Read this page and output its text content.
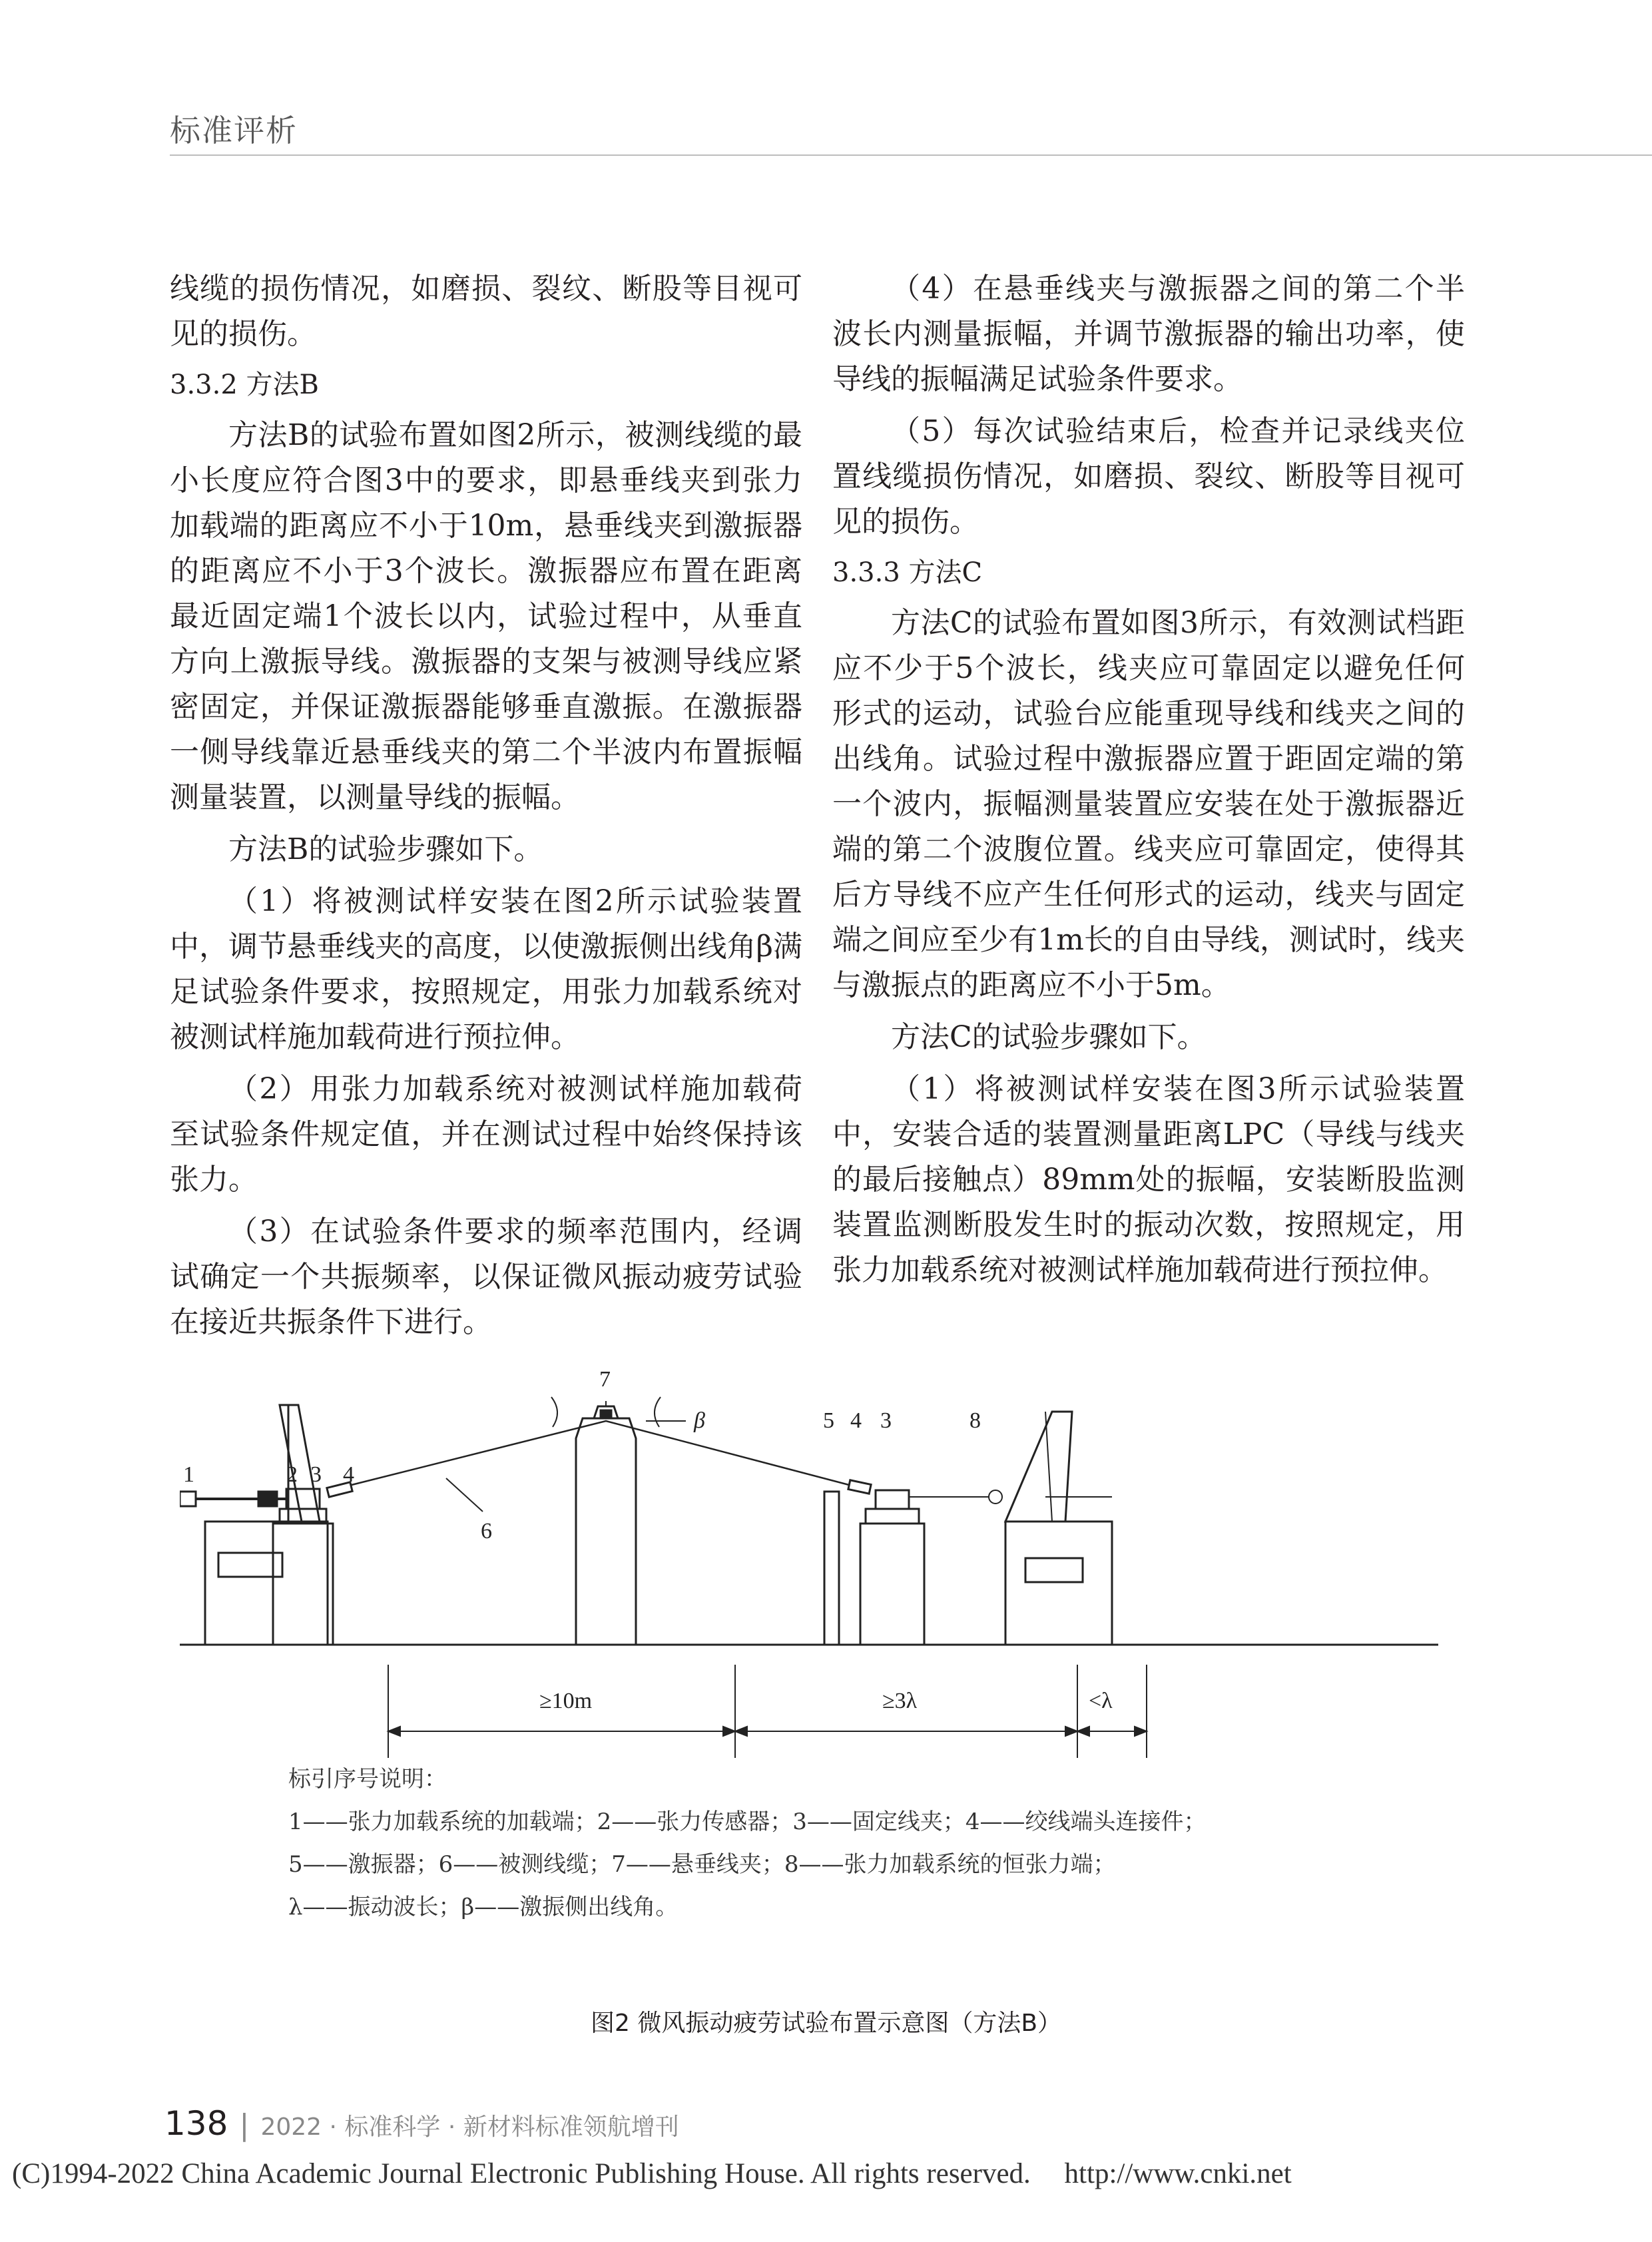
标准评析

线缆的损伤情况，如磨损、裂纹、断股等目视可见的损伤。

3.3.2 方法B

方法B的试验布置如图2所示，被测线缆的最小长度应符合图3中的要求，即悬垂线夹到张力加载端的距离应不小于10m，悬垂线夹到激振器的距离应不小于3个波长。激振器应布置在距离最近固定端1个波长以内，试验过程中，从垂直方向上激振导线。激振器的支架与被测导线应紧密固定，并保证激振器能够垂直激振。在激振器一侧导线靠近悬垂线夹的第二个半波内布置振幅测量装置，以测量导线的振幅。

方法B的试验步骤如下。

（1）将被测试样安装在图2所示试验装置中，调节悬垂线夹的高度，以使激振侧出线角β满足试验条件要求，按照规定，用张力加载系统对被测试样施加载荷进行预拉伸。

（2）用张力加载系统对被测试样施加载荷至试验条件规定值，并在测试过程中始终保持该张力。

（3）在试验条件要求的频率范围内，经调试确定一个共振频率，以保证微风振动疲劳试验在接近共振条件下进行。

（4）在悬垂线夹与激振器之间的第二个半波长内测量振幅，并调节激振器的输出功率，使导线的振幅满足试验条件要求。

（5）每次试验结束后，检查并记录线夹位置线缆损伤情况，如磨损、裂纹、断股等目视可见的损伤。

3.3.3 方法C

方法C的试验布置如图3所示，有效测试档距应不少于5个波长，线夹应可靠固定以避免任何形式的运动，试验台应能重现导线和线夹之间的出线角。试验过程中激振器应置于距固定端的第一个波内，振幅测量装置应安装在处于激振器近端的第二个波腹位置。线夹应可靠固定，使得其后方导线不应产生任何形式的运动，线夹与固定端之间应至少有1m长的自由导线，测试时，线夹与激振点的距离应不小于5m。

方法C的试验步骤如下。

（1）将被测试样安装在图3所示试验装置中，安装合适的装置测量距离LPC（导线与线夹的最后接触点）89mm处的振幅，安装断股监测装置监测断股发生时的振动次数，按照规定，用张力加载系统对被测试样施加载荷进行预拉伸。

1	2 3 4
6
7
β	5 4 3	8
≥10m	≥3λ	<λ
标引序号说明：
1——张力加载系统的加载端；2——张力传感器；3——固定线夹；4——绞线端头连接件；
5——激振器；6——被测线缆；7——悬垂线夹；8——张力加载系统的恒张力端；
λ——振动波长；β——激振侧出线角。
图2 微风振动疲劳试验布置示意图（方法B）
138 | 2022 · 标准科学 · 新材料标准领航增刊
(C)1994-2022 China Academic Journal Electronic Publishing House. All rights reserved. http://www.cnki.net
